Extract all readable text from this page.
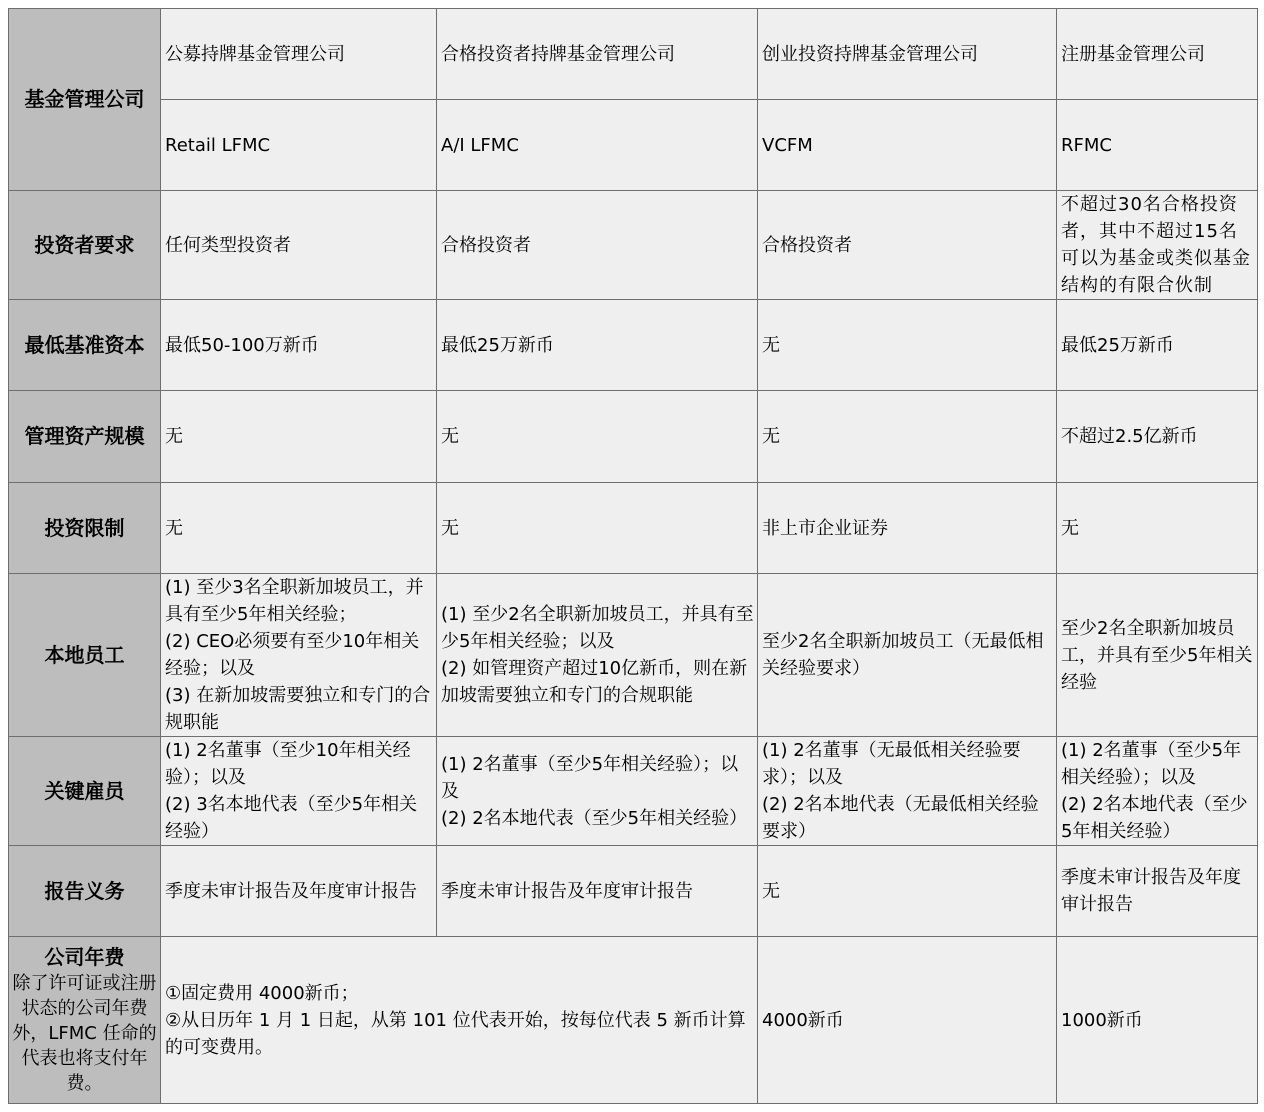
基金管理公司	公募持牌基金管理公司	合格投资者持牌基金管理公司	创业投资持牌基金管理公司	注册基金管理公司
	Retail LFMC	A/I LFMC	VCFM	RFMC
投资者要求	任何类型投资者	合格投资者	合格投资者	不超过30名合格投资者，其中不超过15名可以为基金或类似基金结构的有限合伙制
最低基准资本	最低50-100万新币	最低25万新币	无	最低25万新币
管理资产规模	无	无	无	不超过2.5亿新币
投资限制	无	无	非上市企业证券	无
本地员工	(1) 至少3名全职新加坡员工，并具有至少5年相关经验；
(2) CEO必须要有至少10年相关经验；以及
(3) 在新加坡需要独立和专门的合规职能	(1) 至少2名全职新加坡员工，并具有至少5年相关经验；以及
(2) 如管理资产超过10亿新币，则在新加坡需要独立和专门的合规职能	至少2名全职新加坡员工（无最低相关经验要求）	至少2名全职新加坡员工，并具有至少5年相关经验
关键雇员	(1) 2名董事（至少10年相关经验）；以及
(2) 3名本地代表（至少5年相关经验）	(1) 2名董事（至少5年相关经验）；以及
(2) 2名本地代表（至少5年相关经验）	(1) 2名董事（无最低相关经验要求）；以及
(2) 2名本地代表（无最低相关经验要求）	(1) 2名董事（至少5年相关经验）；以及
(2) 2名本地代表（至少5年相关经验）
报告义务	季度未审计报告及年度审计报告	季度未审计报告及年度审计报告	无	季度未审计报告及年度审计报告

公司年费
除了许可证或注册状态的公司年费外，LFMC 任命的代表也将支付年费。	①固定费用 4000新币；
②从日历年 1 月 1 日起，从第 101 位代表开始，按每位代表 5 新币计算的可变费用。		4000新币	1000新币
